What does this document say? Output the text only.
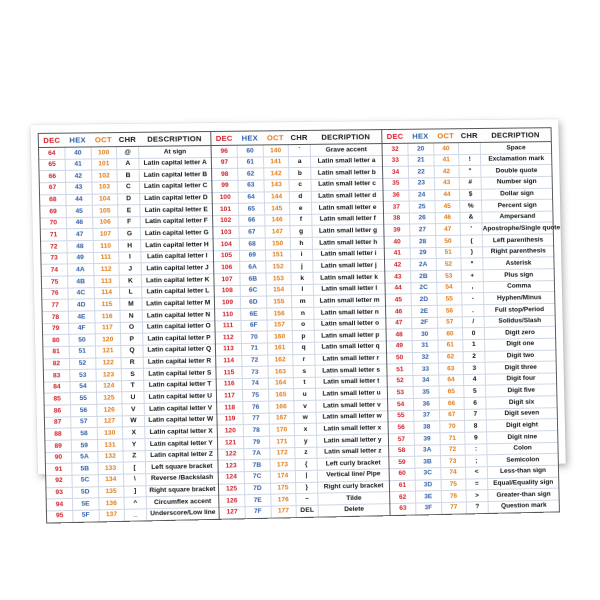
DEC	HEX	OCT	CHR	DESCRIPTION
64	40	100	@	At sign
65	41	101	A	Latin capital letter A
66	42	102	B	Latin capital letter B
67	43	103	C	Latin capital letter C
68	44	104	D	Latin capital letter D
69	45	105	E	Latin capital letter E
70	46	106	F	Latin capital letter F
71	47	107	G	Latin capital letter G
72	48	110	H	Latin capital letter H
73	49	111	I	Latin capital letter I
74	4A	112	J	Latin capital letter J
75	4B	113	K	Latin capital letter K
76	4C	114	L	Latin capital letter L
77	4D	115	M	Latin capital letter M
78	4E	116	N	Latin capital letter N
79	4F	117	O	Latin capital letter O
80	50	120	P	Latin capital letter P
81	51	121	Q	Latin capital letter Q
82	52	122	R	Latin capital letter R
83	53	123	S	Latin capital letter S
84	54	124	T	Latin capital letter T
85	55	125	U	Latin capital letter U
86	56	126	V	Latin capital letter V
87	57	127	W	Latin capital letter W
88	58	130	X	Latin capital letter X
89	59	131	Y	Latin capital letter Y
90	5A	132	Z	Latin capital letter Z
91	5B	133	[	Left square bracket
92	5C	134	\	Reverse /Backslash
93	5D	135	]	Right square bracket
94	5E	136	^	Circumflex accent
95	5F	137	_	Underscore/Low line
DEC	HEX	OCT	CHR	DECRIPTION
96	60	140	`	Grave accent
97	61	141	a	Latin small letter a
98	62	142	b	Latin small letter b
99	63	143	c	Latin small letter c
100	64	144	d	Latin small letter d
101	65	145	e	Latin small letter e
102	66	146	f	Latin small letter f
103	67	147	g	Latin small letter g
104	68	150	h	Latin small letter h
105	69	151	i	Latin small letter i
106	6A	152	j	Latin small letter j
107	6B	153	k	Latin small letter k
108	6C	154	l	Latin small letter l
109	6D	155	m	Latin small letter m
110	6E	156	n	Latin small letter n
111	6F	157	o	Latin small letter o
112	70	160	p	Latin small letter p
113	71	161	q	Latin small letter q
114	72	162	r	Latin small letter r
115	73	163	s	Latin small letter s
116	74	164	t	Latin small letter t
117	75	165	u	Latin small letter u
118	76	166	v	Latin small letter v
119	77	167	w	Latin small letter w
120	78	170	x	Latin small letter x
121	79	171	y	Latin small letter y
122	7A	172	z	Latin small letter z
123	7B	173	{	Left curly bracket
124	7C	174	|	Vertical line/ Pipe
125	7D	175	}	Right curly bracket
126	7E	176	~	Tilde
127	7F	177	DEL	Delete
DEC	HEX	OCT	CHR	DECRIPTION
32	20	40		Space
33	21	41	!	Exclamation mark
34	22	42	"	Double quote
35	23	43	#	Number sign
36	24	44	$	Dollar sign
37	25	45	%	Percent sign
38	26	46	&	Ampersand
39	27	47	'	Apostrophe/Single quote
40	28	50	(	Left parenthesis
41	29	51	)	Right parenthesis
42	2A	52	*	Asterisk
43	2B	53	+	Plus sign
44	2C	54	,	Comma
45	2D	55	-	Hyphen/Minus
46	2E	56	.	Full stop/Period
47	2F	57	/	Solidus/Slash
48	30	60	0	Digit zero
49	31	61	1	Digit one
50	32	62	2	Digit two
51	33	63	3	Digit three
52	34	64	4	Digit four
53	35	65	5	Digit five
54	36	66	6	Digit six
55	37	67	7	Digit seven
56	38	70	8	Digit eight
57	39	71	9	Digit nine
58	3A	72	:	Colon
59	3B	73	;	Semicolon
60	3C	74	<	Less-than sign
61	3D	75	=	Equal/Equality sign
62	3E	76	>	Greater-than sign
63	3F	77	?	Question mark
